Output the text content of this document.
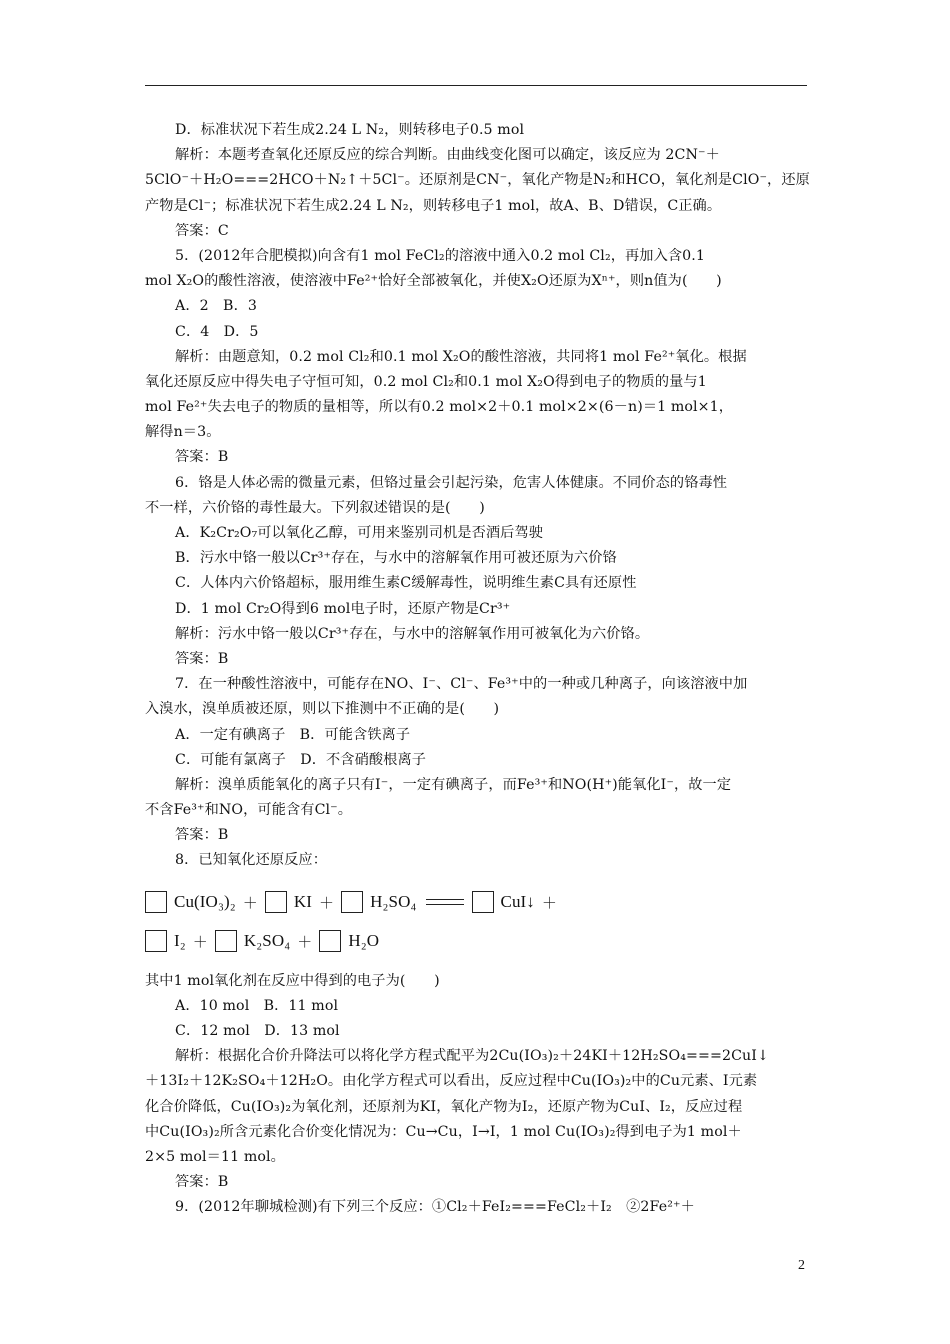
D．标准状况下若生成2.24 L N₂，则转移电子0.5 mol
解析：本题考查氧化还原反应的综合判断。由曲线变化图可以确定，该反应为 2CN⁻＋
5ClO⁻＋H₂O===2HCO＋N₂↑＋5Cl⁻。还原剂是CN⁻，氧化产物是N₂和HCO，氧化剂是ClO⁻，还原
产物是Cl⁻；标准状况下若生成2.24 L N₂，则转移电子1 mol，故A、B、D错误，C正确。
答案：C
5．(2012年合肥模拟)向含有1 mol FeCl₂的溶液中通入0.2 mol Cl₂，再加入含0.1
mol X₂O的酸性溶液，使溶液中Fe²⁺恰好全部被氧化，并使X₂O还原为Xⁿ⁺，则n值为(　　)
A．2　B．3
C．4　D．5
解析：由题意知，0.2 mol Cl₂和0.1 mol X₂O的酸性溶液，共同将1 mol Fe²⁺氧化。根据
氧化还原反应中得失电子守恒可知，0.2 mol Cl₂和0.1 mol X₂O得到电子的物质的量与1
mol Fe²⁺失去电子的物质的量相等，所以有0.2 mol×2＋0.1 mol×2×(6－n)＝1 mol×1，
解得n＝3。
答案：B
6．铬是人体必需的微量元素，但铬过量会引起污染，危害人体健康。不同价态的铬毒性
不一样，六价铬的毒性最大。下列叙述错误的是(　　)
A．K₂Cr₂O₇可以氧化乙醇，可用来鉴别司机是否酒后驾驶
B．污水中铬一般以Cr³⁺存在，与水中的溶解氧作用可被还原为六价铬
C．人体内六价铬超标，服用维生素C缓解毒性，说明维生素C具有还原性
D．1 mol Cr₂O得到6 mol电子时，还原产物是Cr³⁺
解析：污水中铬一般以Cr³⁺存在，与水中的溶解氧作用可被氧化为六价铬。
答案：B
7．在一种酸性溶液中，可能存在NO、I⁻、Cl⁻、Fe³⁺中的一种或几种离子，向该溶液中加
入溴水，溴单质被还原，则以下推测中不正确的是(　　)
A．一定有碘离子　B．可能含铁离子
C．可能有氯离子　D．不含硝酸根离子
解析：溴单质能氧化的离子只有I⁻，一定有碘离子，而Fe³⁺和NO(H⁺)能氧化I⁻，故一定
不含Fe³⁺和NO，可能含有Cl⁻。
答案：B
8．已知氧化还原反应：
Cu(IO₃)₂ ＋ KI ＋ H₂SO₄	CuI↓ ＋
I₂ ＋ K₂SO₄ ＋ H₂O
其中1 mol氧化剂在反应中得到的电子为(　　)
A．10 mol　B．11 mol
C．12 mol　D．13 mol
解析：根据化合价升降法可以将化学方程式配平为2Cu(IO₃)₂＋24KI＋12H₂SO₄===2CuI↓
＋13I₂＋12K₂SO₄＋12H₂O。由化学方程式可以看出，反应过程中Cu(IO₃)₂中的Cu元素、I元素
化合价降低，Cu(IO₃)₂为氧化剂，还原剂为KI，氧化产物为I₂，还原产物为CuI、I₂，反应过程
中Cu(IO₃)₂所含元素化合价变化情况为：Cu→Cu，I→I，1 mol Cu(IO₃)₂得到电子为1 mol＋
2×5 mol＝11 mol。
答案：B
9．(2012年聊城检测)有下列三个反应：①Cl₂＋FeI₂===FeCl₂＋I₂　②2Fe²⁺＋
2
